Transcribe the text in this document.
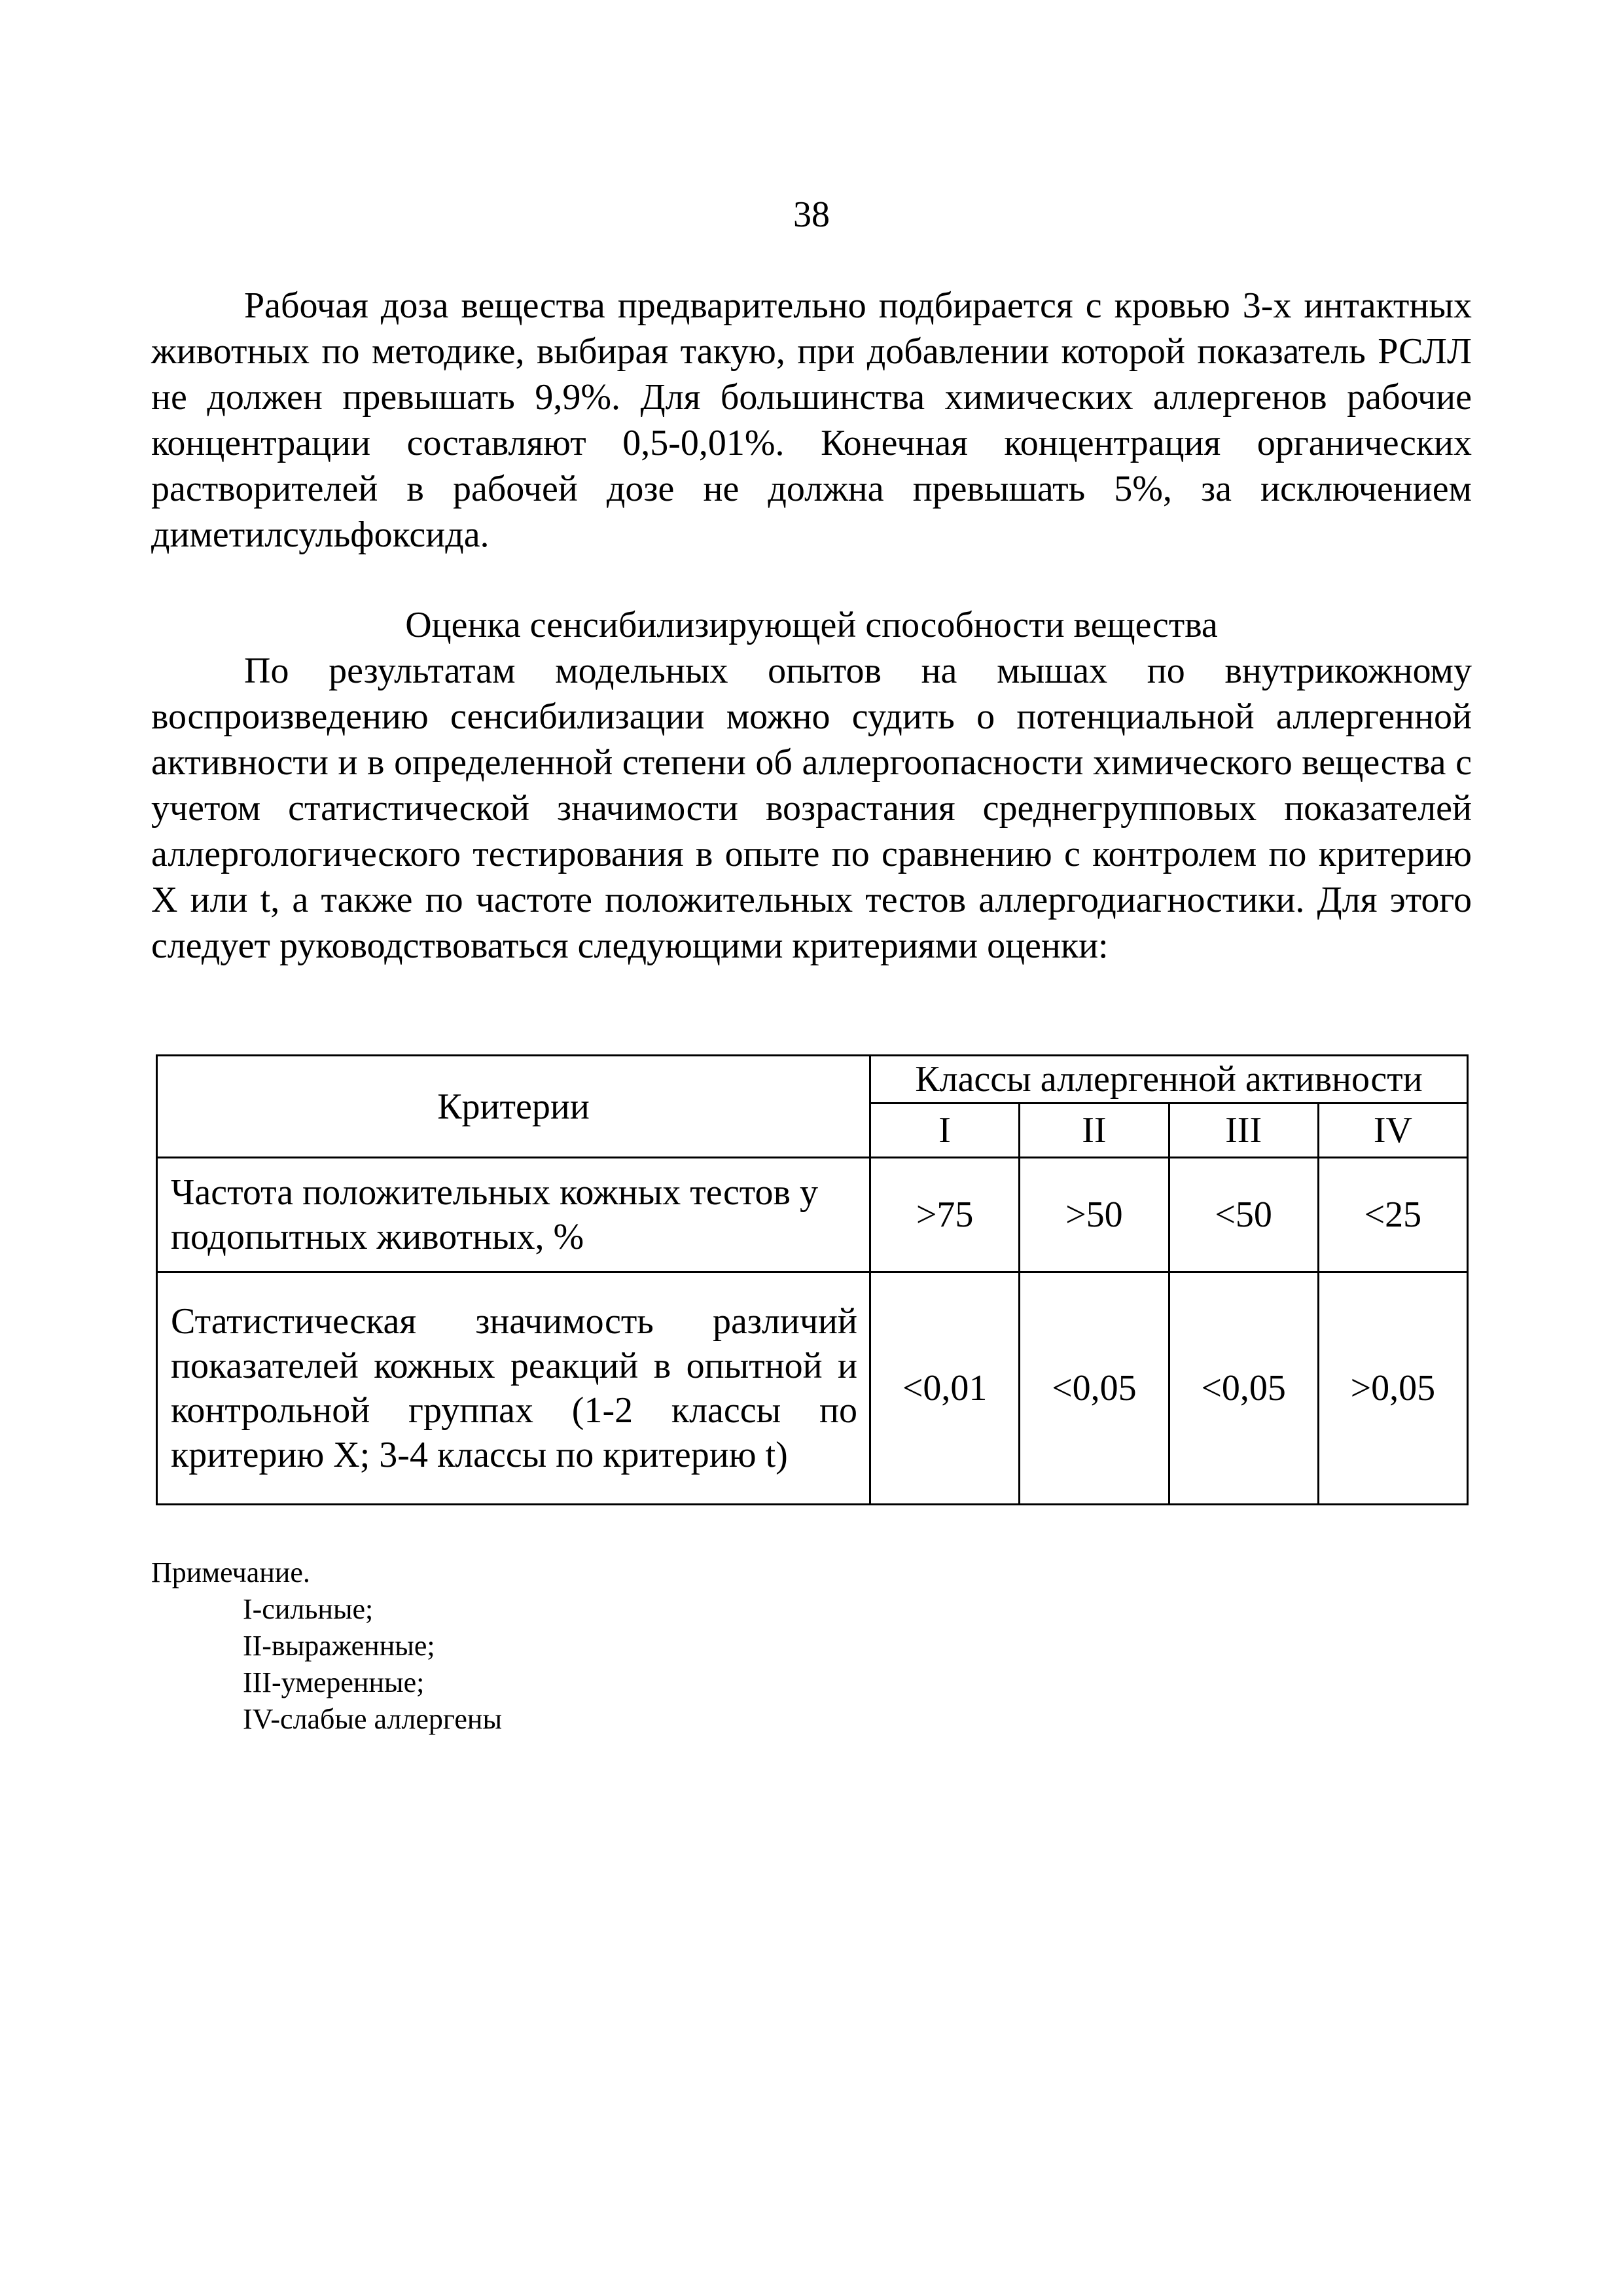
38

Рабочая доза вещества предварительно подбирается с кровью 3-х интактных животных по методике, выбирая такую, при добавлении которой показатель РСЛЛ не должен превышать 9,9%. Для большинства химических аллергенов рабочие концентрации составляют 0,5-0,01%. Конечная концентрация органических растворителей в рабочей дозе не должна превышать 5%, за исключением диметилсульфоксида.

Оценка сенсибилизирующей способности вещества

По результатам модельных опытов на мышах по внутрикожному воспроизведению сенсибилизации можно судить о потенциальной аллергенной активности и в определенной степени об аллергоопасности химического вещества с учетом статистической значимости возрастания среднегрупповых показателей аллергологического тестирования в опыте по сравнению с контролем по критерию Х или t, а также по частоте положительных тестов аллергодиагностики. Для этого следует руководствоваться следующими критериями оценки:

Критерии	Классы аллергенной активности			
	I	II	III	IV
Частота положительных кожных тестов у подопытных животных, %	>75	>50	<50	<25
Статистическая значимость различий показателей кожных реакций в опытной и контрольной группах (1-2 классы по критерию Х; 3-4 классы по критерию t)	<0,01	<0,05	<0,05	>0,05
Примечание.
I-сильные;
II-выраженные;
III-умеренные;
IV-слабые аллергены
